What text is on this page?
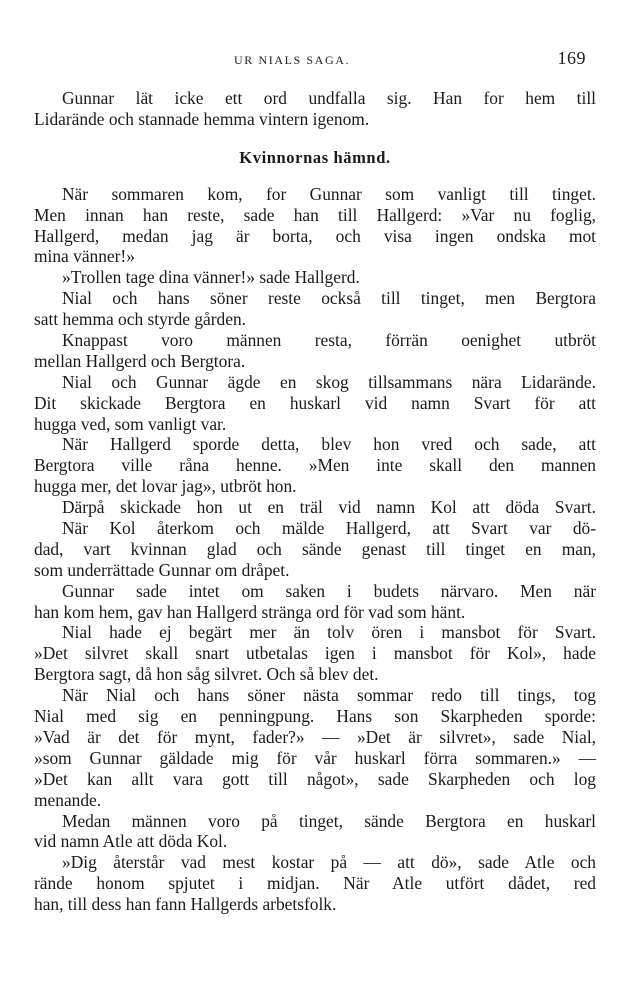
UR NIALS SAGA.	169
Gunnar lät icke ett ord undfalla sig. Han for hem till
Lidarände och stannade hemma vintern igenom.
Kvinnornas hämnd.
När sommaren kom, for Gunnar som vanligt till tinget.
Men innan han reste, sade han till Hallgerd: »Var nu foglig,
Hallgerd, medan jag är borta, och visa ingen ondska mot
mina vänner!»
»Trollen tage dina vänner!» sade Hallgerd.
Nial och hans söner reste också till tinget, men Bergtora
satt hemma och styrde gården.
Knappast voro männen resta, förrän oenighet utbröt
mellan Hallgerd och Bergtora.
Nial och Gunnar ägde en skog tillsammans nära Lidarände.
Dit skickade Bergtora en huskarl vid namn Svart för att
hugga ved, som vanligt var.
När Hallgerd sporde detta, blev hon vred och sade, att
Bergtora ville råna henne. »Men inte skall den mannen
hugga mer, det lovar jag», utbröt hon.
Därpå skickade hon ut en träl vid namn Kol att döda Svart.
När Kol återkom och mälde Hallgerd, att Svart var dö-
dad, vart kvinnan glad och sände genast till tinget en man,
som underrättade Gunnar om dråpet.
Gunnar sade intet om saken i budets närvaro. Men när
han kom hem, gav han Hallgerd stränga ord för vad som hänt.
Nial hade ej begärt mer än tolv ören i mansbot för Svart.
»Det silvret skall snart utbetalas igen i mansbot för Kol», hade
Bergtora sagt, då hon såg silvret. Och så blev det.
När Nial och hans söner nästa sommar redo till tings, tog
Nial med sig en penningpung. Hans son Skarpheden sporde:
»Vad är det för mynt, fader?» — »Det är silvret», sade Nial,
»som Gunnar gäldade mig för vår huskarl förra sommaren.» —
»Det kan allt vara gott till något», sade Skarpheden och log
menande.
Medan männen voro på tinget, sände Bergtora en huskarl
vid namn Atle att döda Kol.
»Dig återstår vad mest kostar på — att dö», sade Atle och
rände honom spjutet i midjan. När Atle utfört dådet, red
han, till dess han fann Hallgerds arbetsfolk.
